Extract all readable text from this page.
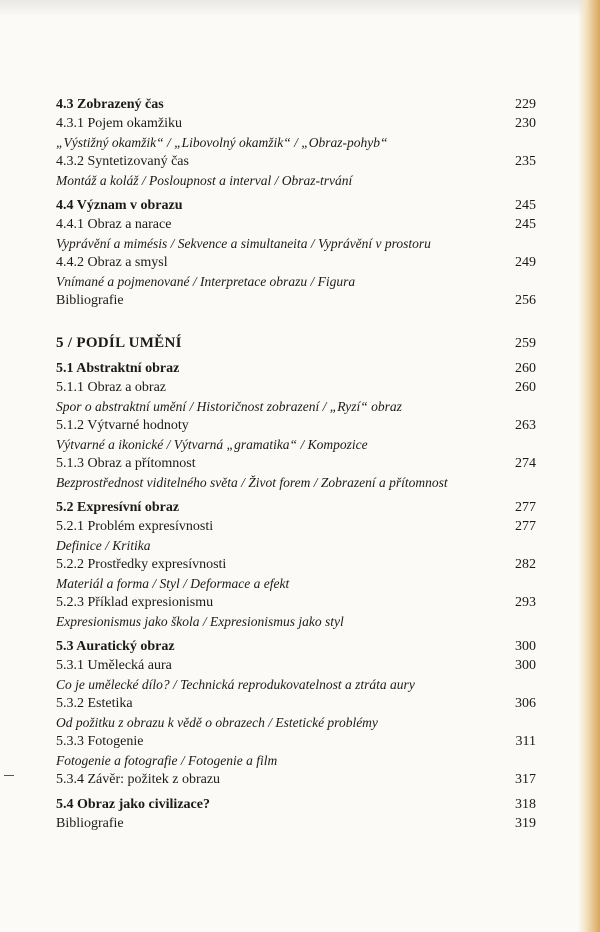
4.3 Zobrazený čas	229
4.3.1 Pojem okamžiku	230
„Výstižný okamžik“ / „Libovolný okamžik“ / „Obraz-pohyb“
4.3.2 Syntetizovaný čas	235
Montáž a koláž / Posloupnost a interval / Obraz-trvání
4.4 Význam v obrazu	245
4.4.1 Obraz a narace	245
Vyprávění a mimésis / Sekvence a simultaneita / Vyprávění v prostoru
4.4.2 Obraz a smysl	249
Vnímané a pojmenované / Interpretace obrazu / Figura
Bibliografie	256
5 / PODÍL UMĚNÍ	259
5.1 Abstraktní obraz	260
5.1.1 Obraz a obraz	260
Spor o abstraktní umění / Historičnost zobrazení / „Ryzí“ obraz
5.1.2 Výtvarné hodnoty	263
Výtvarné a ikonické / Výtvarná „gramatika“ / Kompozice
5.1.3 Obraz a přítomnost	274
Bezprostřednost viditelného světa / Život forem / Zobrazení a přítomnost
5.2 Expresívní obraz	277
5.2.1 Problém expresívnosti	277
Definice / Kritika
5.2.2 Prostředky expresívnosti	282
Materiál a forma / Styl / Deformace a efekt
5.2.3 Příklad expresionismu	293
Expresionismus jako škola / Expresionismus jako styl
5.3 Auratický obraz	300
5.3.1 Umělecká aura	300
Co je umělecké dílo? / Technická reprodukovatelnost a ztráta aury
5.3.2 Estetika	306
Od požitku z obrazu k vědě o obrazech / Estetické problémy
5.3.3 Fotogenie	311
Fotogenie a fotografie / Fotogenie a film
5.3.4 Závěr: požitek z obrazu	317
5.4 Obraz jako civilizace?	318
Bibliografie	319
